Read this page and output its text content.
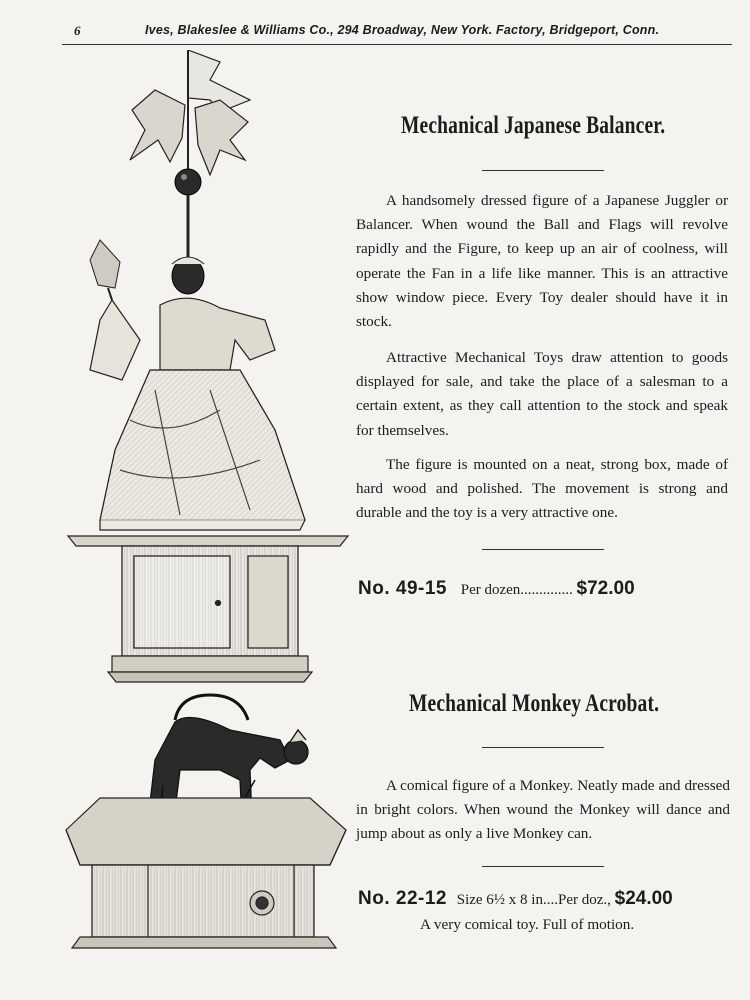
6	Ives, Blakeslee & Williams Co., 294 Broadway, New York. Factory, Bridgeport, Conn.
Mechanical Japanese Balancer.
A handsomely dressed figure of a Japanese Juggler or Balancer. When wound the Ball and Flags will revolve rapidly and the Figure, to keep up an air of coolness, will operate the Fan in a life like manner. This is an attractive show window piece. Every Toy dealer should have it in stock.
Attractive Mechanical Toys draw attention to goods displayed for sale, and take the place of a salesman to a certain extent, as they call attention to the stock and speak for themselves.
The figure is mounted on a neat, strong box, made of hard wood and polished. The movement is strong and durable and the toy is a very attractive one.
No. 49-15 Per dozen.............. $72.00
Mechanical Monkey Acrobat.
A comical figure of a Monkey. Neatly made and dressed in bright colors. When wound the Monkey will dance and jump about as only a live Monkey can.
No. 22-12 Size 6½ x 8 in....Per doz., $24.00
A very comical toy. Full of motion.
